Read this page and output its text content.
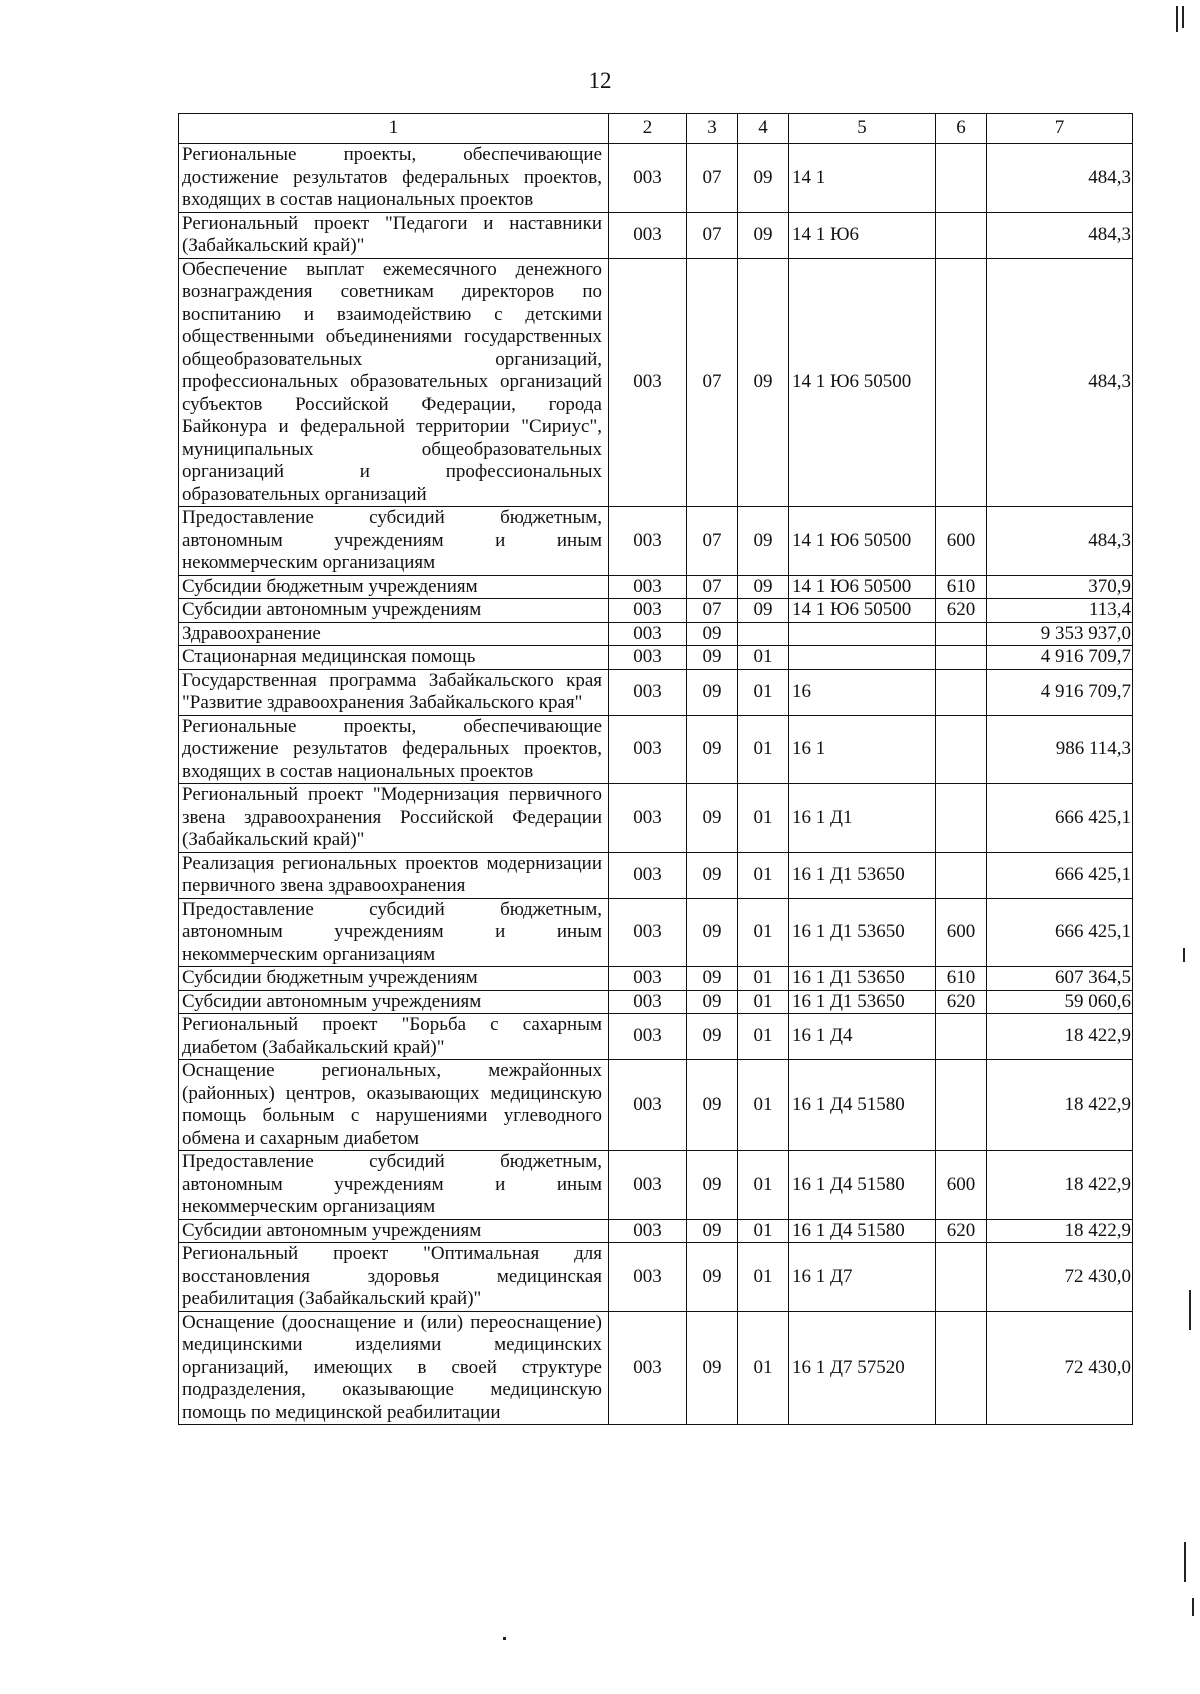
12
1	2	3	4	5	6	7
Региональные проекты, обеспечивающие достижение результатов федеральных проектов, входящих в состав национальных проектов	003	07	09	14 1		484,3
Региональный проект "Педагоги и наставники (Забайкальский край)"	003	07	09	14 1 Ю6		484,3
Обеспечение выплат ежемесячного денежного вознаграждения советникам директоров по воспитанию и взаимодействию с детскими общественными объединениями государственных общеобразовательных организаций, профессиональных образовательных организаций субъектов Российской Федерации, города Байконура и федеральной территории "Сириус", муниципальных общеобразовательных организаций и профессиональных образовательных организаций	003	07	09	14 1 Ю6 50500		484,3
Предоставление субсидий бюджетным, автономным учреждениям и иным некоммерческим организациям	003	07	09	14 1 Ю6 50500	600	484,3
Субсидии бюджетным учреждениям	003	07	09	14 1 Ю6 50500	610	370,9
Субсидии автономным учреждениям	003	07	09	14 1 Ю6 50500	620	113,4
Здравоохранение	003	09				9 353 937,0
Стационарная медицинская помощь	003	09	01			4 916 709,7
Государственная программа Забайкальского края "Развитие здравоохранения Забайкальского края"	003	09	01	16		4 916 709,7
Региональные проекты, обеспечивающие достижение результатов федеральных проектов, входящих в состав национальных проектов	003	09	01	16 1		986 114,3
Региональный проект "Модернизация первичного звена здравоохранения Российской Федерации (Забайкальский край)"	003	09	01	16 1 Д1		666 425,1
Реализация региональных проектов модернизации первичного звена здравоохранения	003	09	01	16 1 Д1 53650		666 425,1
Предоставление субсидий бюджетным, автономным учреждениям и иным некоммерческим организациям	003	09	01	16 1 Д1 53650	600	666 425,1
Субсидии бюджетным учреждениям	003	09	01	16 1 Д1 53650	610	607 364,5
Субсидии автономным учреждениям	003	09	01	16 1 Д1 53650	620	59 060,6
Региональный проект "Борьба с сахарным диабетом (Забайкальский край)"	003	09	01	16 1 Д4		18 422,9
Оснащение региональных, межрайонных (районных) центров, оказывающих медицинскую помощь больным с нарушениями углеводного обмена и сахарным диабетом	003	09	01	16 1 Д4 51580		18 422,9
Предоставление субсидий бюджетным, автономным учреждениям и иным некоммерческим организациям	003	09	01	16 1 Д4 51580	600	18 422,9
Субсидии автономным учреждениям	003	09	01	16 1 Д4 51580	620	18 422,9
Региональный проект "Оптимальная для восстановления здоровья медицинская реабилитация (Забайкальский край)"	003	09	01	16 1 Д7		72 430,0
Оснащение (дооснащение и (или) переоснащение) медицинскими изделиями медицинских организаций, имеющих в своей структуре подразделения, оказывающие медицинскую помощь по медицинской реабилитации	003	09	01	16 1 Д7 57520		72 430,0
